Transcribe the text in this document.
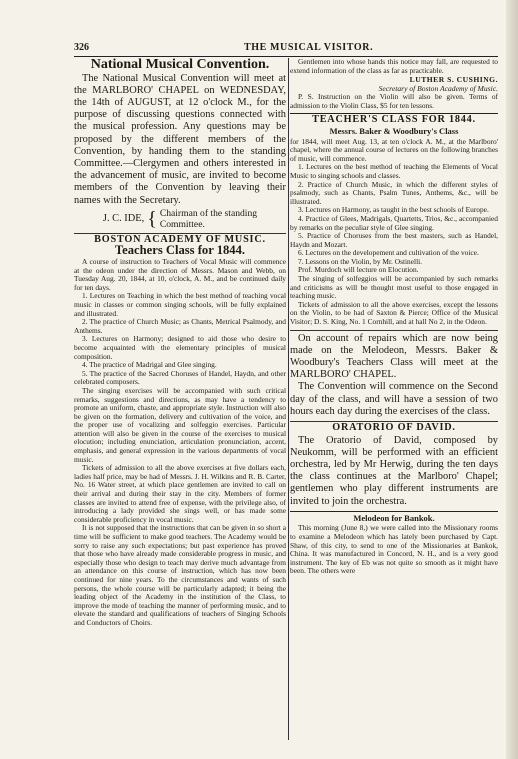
326	THE MUSICAL VISITOR.
National Musical Convention.

The National Musical Convention will meet at the MARLBORO' CHAPEL on WEDNESDAY, the 14th of AUGUST, at 12 o'clock M., for the purpose of discussing questions connected with the musical profession. Any questions may be proposed by the different members of the Convention, by handing them to the standing Committee.—Clergymen and others interested in the advancement of music, are invited to become members of the Convention by leaving their names with the Secretary.

J. C. IDE, { Chairman of the standing
Committee.
BOSTON ACADEMY OF MUSIC.
Teachers Class for 1844.

A course of instruction to Teachers of Vocal Music will commence at the odeon under the direction of Messrs. Mason and Webb, on Tuesday Aug. 20, 1844, at 10, o'clock, A. M., and be continued daily for ten days.

1. Lectures on Teaching in which the best method of teaching vocal music in classes or common singing schools, will be fully explained and illustrated.

2. The practice of Church Music; as Chants, Metrical Psalmody, and Anthems.

3. Lectures on Harmony; designed to aid those who desire to become acquainted with the elementary principles of musical composition.

4. The practice of Madrigal and Glee singing.

5. The practice of the Sacred Choruses of Handel, Haydn, and other celebrated composers.

The singing exercises will be accompanied with such critical remarks, suggestions and directions, as may have a tendency to promote an uniform, chaste, and appropriate style. Instruction will also be given on the formation, delivery and cultivation of the voice, and the proper use of vocalizing and solfeggio exercises. Particular attention will also be given in the course of the exercises to musical elocution; including enunciation, articulation pronunciation, accent, emphasis, and general expression in the various departments of vocal music.

Tickets of admission to all the above exercises at five dollars each, ladies half price, may be had of Messrs. J. H. Wilkins and R. B. Carter, No. 16 Water street, at which place gentlemen are invited to call on their arrival and during their stay in the city. Members of former classes are invited to attend free of expense, with the privilege also, of introducing a lady provided she sings well, or has made some considerable proficiency in vocal music.

It is not supposed that the instructions that can be given in so short a time will be sufficient to make good teachers. The Academy would be sorry to raise any such expectations; but past experience has proved that those who have already made considerable progress in music, and especially those who design to teach may derive much advantage from an attendance on this course of instruction, which has now been continued for nine years. To the circumstances and wants of such persons, the whole course will be particularly adapted; it being the leading object of the Academy in the institution of the Class, to improve the mode of teaching the manner of performing music, and to elevate the standard and qualifications of teachers of Singing Schools and Conductors of Choirs.

Gentlemen into whose hands this notice may fall, are requested to extend information of the class as far as practicable.

LUTHER S. CUSHING.
Secretary of Boston Academy of Music.

P. S. Instruction on the Violin will also be given. Terms of admission to the Violin Class, $5 for ten lessons.

TEACHER'S CLASS FOR 1844.
Messrs. Baker & Woodbury's Class

for 1844, will meet Aug. 13, at ten o'clock A. M., at the Marlboro' chapel, where the annual course of lectures on the following branches of music, will commence.

1. Lectures on the best method of teaching the Elements of Vocal Music to singing schools and classes.

2. Practice of Church Music, in which the different styles of psalmody, such as Chants, Psalm Tunes, Anthems, &c., will be illustrated.

3. Lectures on Harmony, as taught in the best schools of Europe.

4. Practice of Glees, Madrigals, Quartetts, Trios, &c., accompanied by remarks on the peculiar style of Glee singing.

5. Practice of Choruses from the best masters, such as Handel, Haydn and Mozart.

6. Lectures on the developement and cultivation of the voice.

7. Lessons on the Violin, by Mr. Ostinelli.

Prof. Murdoch will lecture on Elocution.

The singing of solfeggios will be accompanied by such remarks and criticisms as will be thought most useful to those engaged in teaching music.

Tickets of admission to all the above exercises, except the lessons on the Violin, to be had of Saxton & Pierce; Office of the Musical Visitor; D. S. King, No. 1 Cornhill, and at hall No 2, in the Odeon.

On account of repairs which are now being made on the Melodeon, Messrs. Baker & Woodbury's Teachers Class will meet at the MARLBORO' CHAPEL.

The Convention will commence on the Second day of the class, and will have a session of two hours each day during the exercises of the class.

ORATORIO OF DAVID.

The Oratorio of David, composed by Neukomm, will be performed with an efficient orchestra, led by Mr Herwig, during the ten days the class continues at the Marlboro' Chapel; gentlemen who play different instruments are invited to join the orchestra.

Melodeon for Bankok.

This morning (June 8,) we were called into the Missionary rooms to examine a Melodeon which has lately been purchased by Capt. Shaw, of this city, to send to one of the Missionaries at Bankok, China. It was manufactured in Concord, N. H., and is a very good instrument. The key of Eb was not quite so smooth as it might have been. The others were
